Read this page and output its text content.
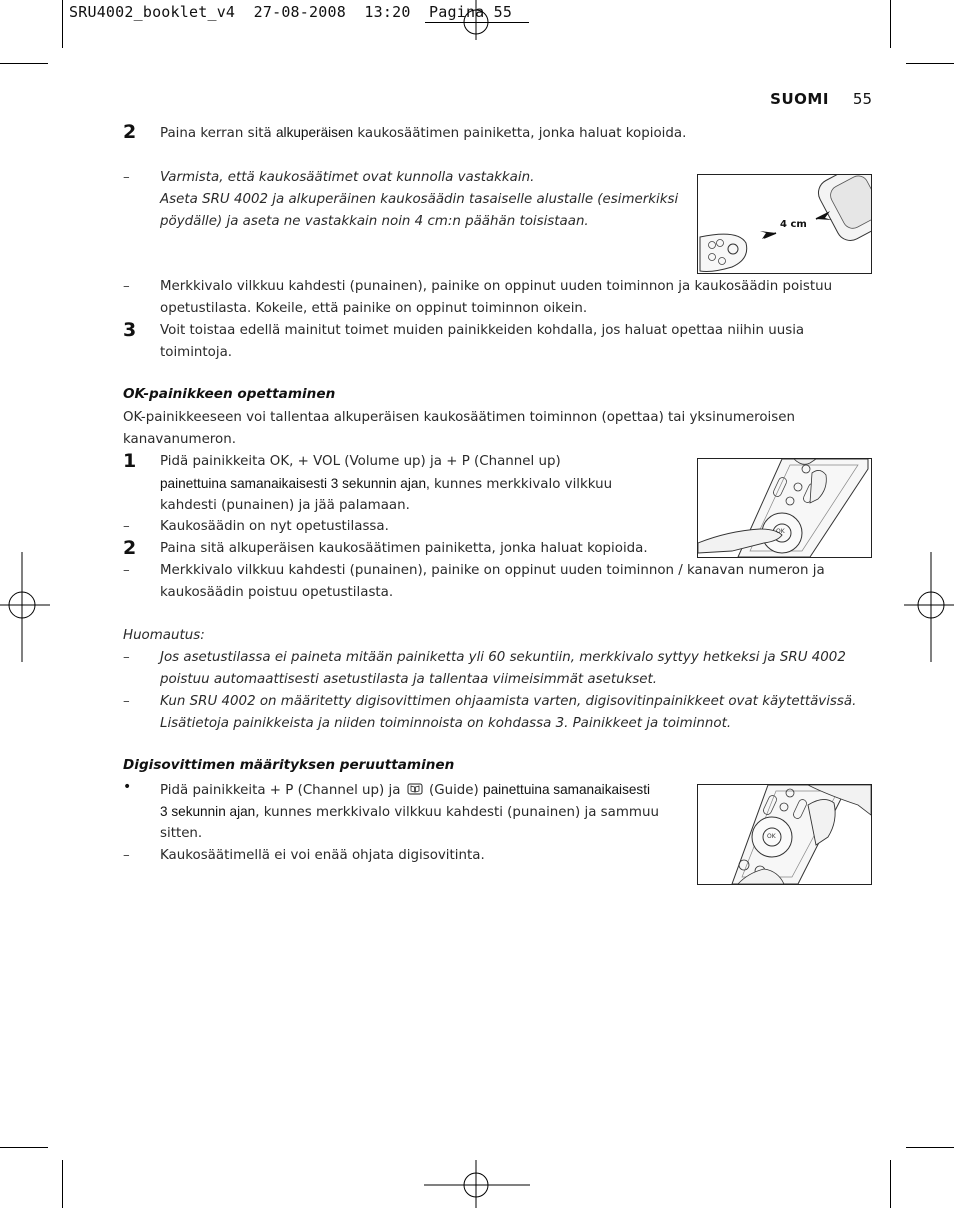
SRU4002_booklet_v4 27-08-2008 13:20 Pagina 55
SUOMI 55
2 Paina kerran sitä alkuperäisen kaukosäätimen painiketta, jonka haluat kopioida.
– Varmista, että kaukosäätimet ovat kunnolla vastakkain.
Aseta SRU 4002 ja alkuperäinen kaukosäädin tasaiselle alustalle (esimerkiksi
pöydälle) ja aseta ne vastakkain noin 4 cm:n päähän toisistaan.	4 cm
– Merkkivalo vilkkuu kahdesti (punainen), painike on oppinut uuden toiminnon ja kaukosäädin poistuu
opetustilasta. Kokeile, että painike on oppinut toiminnon oikein.
3 Voit toistaa edellä mainitut toimet muiden painikkeiden kohdalla, jos haluat opettaa niihin uusia
toimintoja.
OK-painikkeen opettaminen
OK-painikkeeseen voi tallentaa alkuperäisen kaukosäätimen toiminnon (opettaa) tai yksinumeroisen
kanavanumeron.
1 Pidä painikkeita OK, + VOL (Volume up) ja + P (Channel up)
painettuina samanaikaisesti 3 sekunnin ajan, kunnes merkkivalo vilkkuu
kahdesti (punainen) ja jää palamaan.
– Kaukosäädin on nyt opetustilassa.
2 Paina sitä alkuperäisen kaukosäätimen painiketta, jonka haluat kopioida.
– Merkkivalo vilkkuu kahdesti (punainen), painike on oppinut uuden toiminnon / kanavan numeron ja
kaukosäädin poistuu opetustilasta.
OK
Huomautus:
– Jos asetustilassa ei paineta mitään painiketta yli 60 sekuntiin, merkkivalo syttyy hetkeksi ja SRU 4002
poistuu automaattisesti asetustilasta ja tallentaa viimeisimmät asetukset.
– Kun SRU 4002 on määritetty digisovittimen ohjaamista varten, digisovitinpainikkeet ovat käytettävissä.
Lisätietoja painikkeista ja niiden toiminnoista on kohdassa 3. Painikkeet ja toiminnot.
Digisovittimen määrityksen peruuttaminen
• Pidä painikkeita + P (Channel up) ja  (Guide) painettuina samanaikaisesti
3 sekunnin ajan, kunnes merkkivalo vilkkuu kahdesti (punainen) ja sammuu
sitten.
– Kaukosäätimellä ei voi enää ohjata digisovitinta.
OK
